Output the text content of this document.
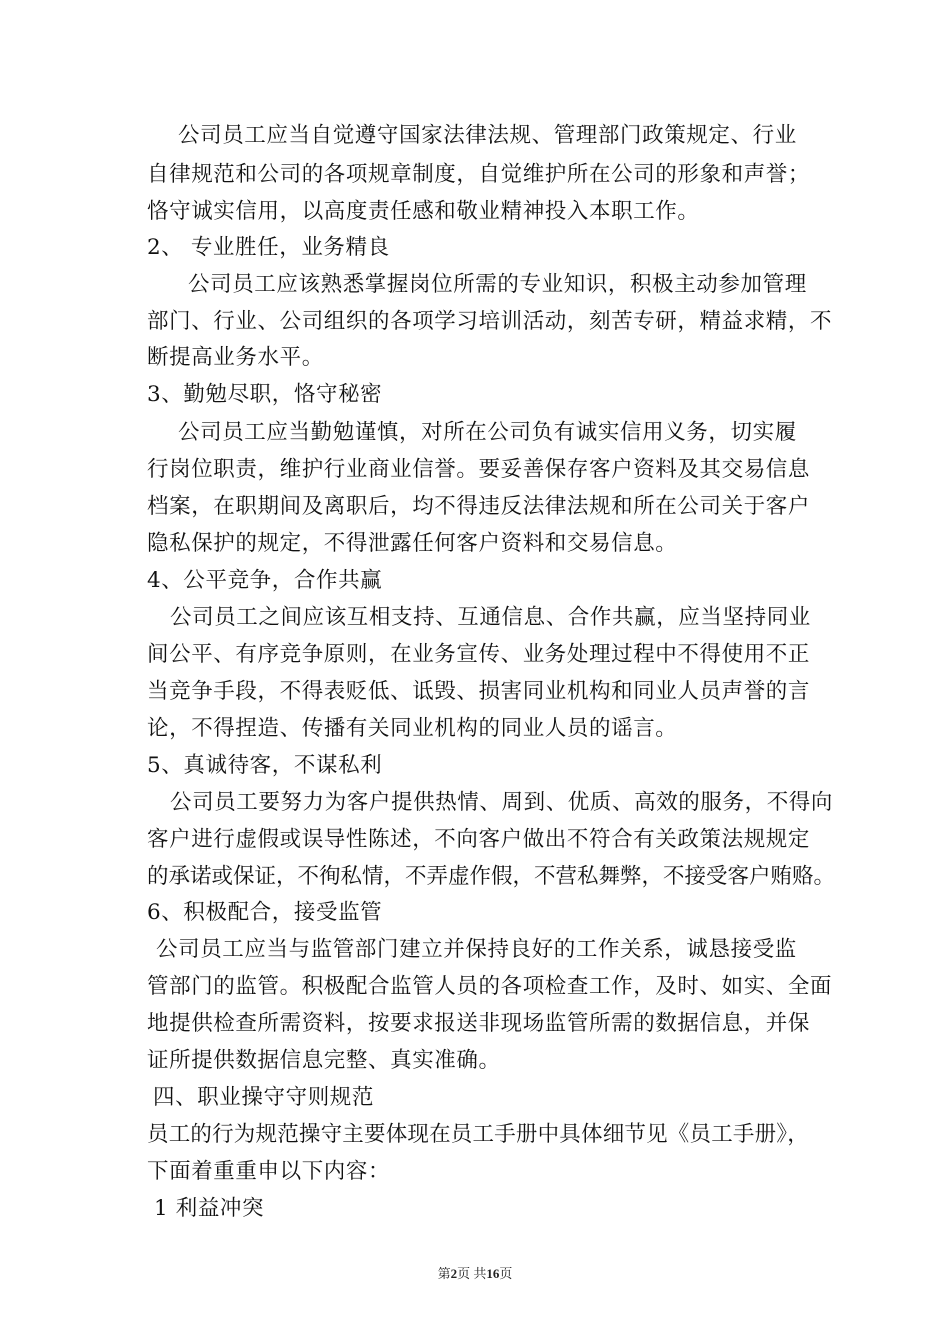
公司员工应当自觉遵守国家法律法规、管理部门政策规定、行业
自律规范和公司的各项规章制度，自觉维护所在公司的形象和声誉；
恪守诚实信用，以高度责任感和敬业精神投入本职工作。
2、 专业胜任，业务精良
公司员工应该熟悉掌握岗位所需的专业知识，积极主动参加管理
部门、行业、公司组织的各项学习培训活动，刻苦专研，精益求精，不
断提高业务水平。
3、勤勉尽职，恪守秘密
公司员工应当勤勉谨慎，对所在公司负有诚实信用义务，切实履
行岗位职责，维护行业商业信誉。要妥善保存客户资料及其交易信息
档案，在职期间及离职后，均不得违反法律法规和所在公司关于客户
隐私保护的规定，不得泄露任何客户资料和交易信息。
4、公平竞争，合作共赢
公司员工之间应该互相支持、互通信息、合作共赢，应当坚持同业
间公平、有序竞争原则，在业务宣传、业务处理过程中不得使用不正
当竞争手段，不得表贬低、诋毁、损害同业机构和同业人员声誉的言
论，不得捏造、传播有关同业机构的同业人员的谣言。
5、真诚待客，不谋私利
公司员工要努力为客户提供热情、周到、优质、高效的服务，不得向
客户进行虚假或误导性陈述，不向客户做出不符合有关政策法规规定
的承诺或保证，不徇私情，不弄虚作假，不营私舞弊，不接受客户贿赂。
6、积极配合，接受监管
公司员工应当与监管部门建立并保持良好的工作关系，诚恳接受监
管部门的监管。积极配合监管人员的各项检查工作，及时、如实、全面
地提供检查所需资料，按要求报送非现场监管所需的数据信息，并保
证所提供数据信息完整、真实准确。
四、职业操守守则规范
员工的行为规范操守主要体现在员工手册中具体细节见《员工手册》，
下面着重重申以下内容：
1 利益冲突
第2页 共16页
